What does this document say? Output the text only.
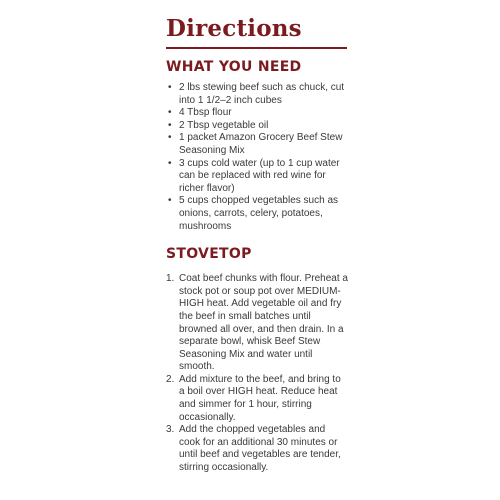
Directions
WHAT YOU NEED
• 2 lbs stewing beef such as chuck, cut into 1 1/2–2 inch cubes
• 4 Tbsp flour
• 2 Tbsp vegetable oil
• 1 packet Amazon Grocery Beef Stew Seasoning Mix
• 3 cups cold water (up to 1 cup water can be replaced with red wine for richer flavor)
• 5 cups chopped vegetables such as onions, carrots, celery, potatoes, mushrooms
STOVETOP
1. Coat beef chunks with flour. Preheat a stock pot or soup pot over MEDIUM-HIGH heat. Add vegetable oil and fry the beef in small batches until browned all over, and then drain. In a separate bowl, whisk Beef Stew Seasoning Mix and water until smooth.
2. Add mixture to the beef, and bring to a boil over HIGH heat. Reduce heat and simmer for 1 hour, stirring occasionally.
3. Add the chopped vegetables and cook for an additional 30 minutes or until beef and vegetables are tender, stirring occasionally.
